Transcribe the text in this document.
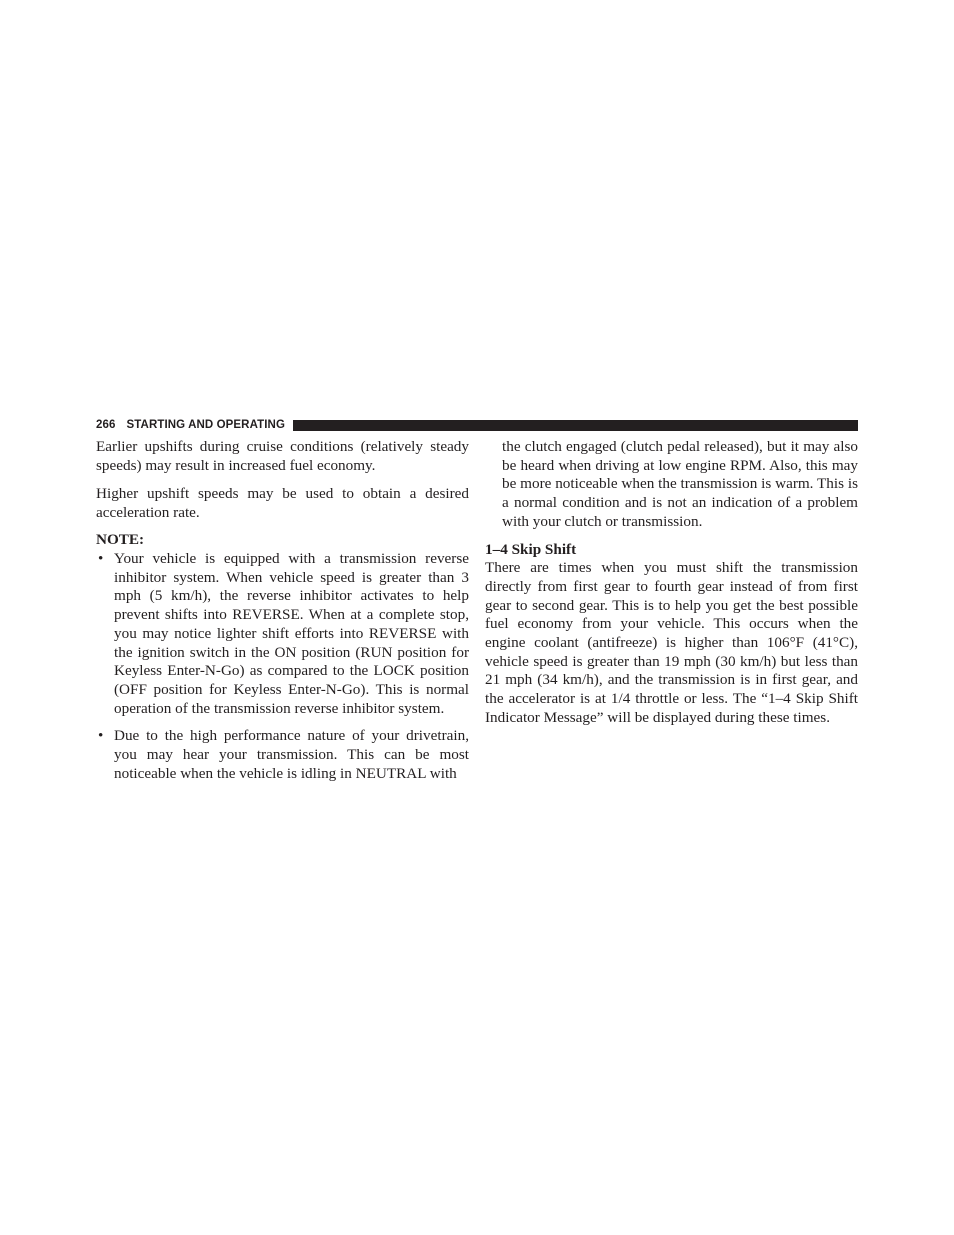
266 STARTING AND OPERATING

Earlier upshifts during cruise conditions (relatively steady speeds) may result in increased fuel economy.

Higher upshift speeds may be used to obtain a desired acceleration rate.

NOTE:

• Your vehicle is equipped with a transmission reverse inhibitor system. When vehicle speed is greater than 3 mph (5 km/h), the reverse inhibitor activates to help prevent shifts into REVERSE. When at a complete stop, you may notice lighter shift efforts into REVERSE with the ignition switch in the ON position (RUN position for Keyless Enter-N-Go) as compared to the LOCK position (OFF position for Keyless Enter-N-Go). This is normal operation of the transmission reverse inhibitor system.
• Due to the high performance nature of your drivetrain, you may hear your transmission. This can be most noticeable when the vehicle is idling in NEUTRAL with

the clutch engaged (clutch pedal released), but it may also be heard when driving at low engine RPM. Also, this may be more noticeable when the transmission is warm. This is a normal condition and is not an indication of a problem with your clutch or transmission.

1–4 Skip Shift

There are times when you must shift the transmission directly from first gear to fourth gear instead of from first gear to second gear. This is to help you get the best possible fuel economy from your vehicle. This occurs when the engine coolant (antifreeze) is higher than 106°F (41°C), vehicle speed is greater than 19 mph (30 km/h) but less than 21 mph (34 km/h), and the transmission is in first gear, and the accelerator is at 1/4 throttle or less. The “1–4 Skip Shift Indicator Message” will be displayed during these times.
